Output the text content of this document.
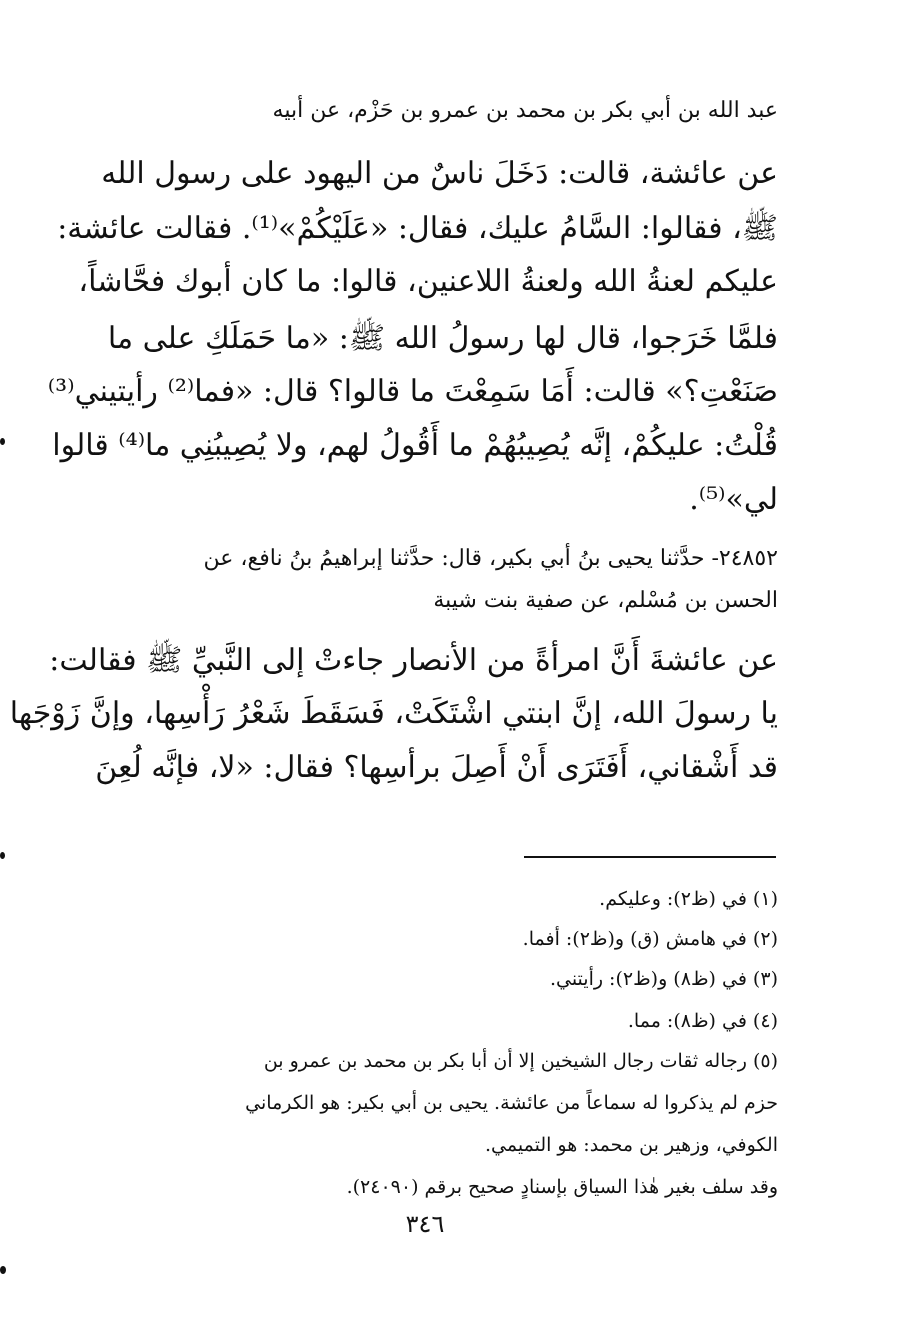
عبد الله بن أبي بكر بن محمد بن عمرو بن حَزْم، عن أبيه
عن عائشة، قالت: دَخَلَ ناسٌ من اليهود على رسول الله
ﷺ، فقالوا: السَّامُ عليك، فقال: «عَلَيْكُمْ»⁽¹⁾. فقالت عائشة:
عليكم لعنةُ الله ولعنةُ اللاعنين، قالوا: ما كان أبوك فحَّاشاً،
فلمَّا خَرَجوا، قال لها رسولُ الله ﷺ: «ما حَمَلَكِ على ما
صَنَعْتِ؟» قالت: أَمَا سَمِعْتَ ما قالوا؟ قال: «فما⁽²⁾ رأيتيني⁽³⁾
قُلْتُ: عليكُمْ، إنَّه يُصِيبُهُمْ ما أَقُولُ لهم، ولا يُصِيبُنِي ما⁽⁴⁾ قالوا
لي»⁽⁵⁾.
٢٤٨٥٢- حدَّثنا يحيى بنُ أبي بكير، قال: حدَّثنا إبراهيمُ بنُ نافع، عن
الحسن بن مُسْلم، عن صفية بنت شيبة
عن عائشةَ أَنَّ امرأةً من الأنصار جاءتْ إلى النَّبيِّ ﷺ فقالت:
يا رسولَ الله، إنَّ ابنتي اشْتَكَتْ، فَسَقَطَ شَعْرُ رَأْسِها، وإنَّ زَوْجَها
قد أَشْقاني، أَفَتَرَى أَنْ أَصِلَ برأسِها؟ فقال: «لا، فإنَّه لُعِنَ
(١) في (ظ٢): وعليكم.
(٢) في هامش (ق) و(ظ٢): أفما.
(٣) في (ظ٨) و(ظ٢): رأيتني.
(٤) في (ظ٨): مما.
(٥) رجاله ثقات رجال الشيخين إلا أن أبا بكر بن محمد بن عمرو بن
حزم لم يذكروا له سماعاً من عائشة. يحيى بن أبي بكير: هو الكرماني
الكوفي، وزهير بن محمد: هو التميمي.
وقد سلف بغير هٰذا السياق بإسنادٍ صحيح برقم (٢٤٠٩٠).
٣٤٦
